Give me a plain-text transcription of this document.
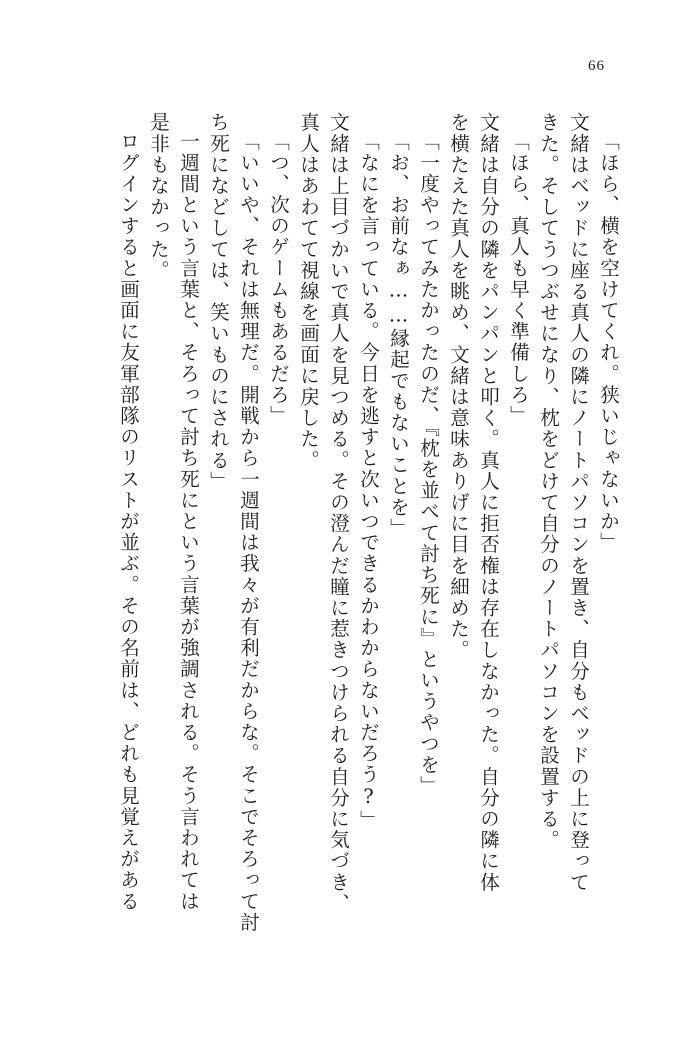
66
「ほら、横を空けてくれ。狭いじゃないか」
文緒はベッドに座る真人の隣にノートパソコンを置き、自分もベッドの上に登って
きた。そしてうつぶせになり、枕をどけて自分のノートパソコンを設置する。
「ほら、真人も早く準備しろ」
文緒は自分の隣をパンパンと叩く。真人に拒否権は存在しなかった。自分の隣に体
を横たえた真人を眺め、文緒は意味ありげに目を細めた。
「一度やってみたかったのだ、『枕を並べて討ち死に』というやつを」
「お、お前なぁ……縁起でもないことを」
「なにを言っている。今日を逃すと次いつできるかわからないだろう?」
文緒は上目づかいで真人を見つめる。その澄んだ瞳に惹きつけられる自分に気づき、
真人はあわてて視線を画面に戻した。
「つ、次のゲームもあるだろ」
「いいや、それは無理だ。開戦から一週間は我々が有利だからな。そこでそろって討
ち死になどしては、笑いものにされる」
一週間という言葉と、そろって討ち死にという言葉が強調される。そう言われては
是非もなかった。
ログインすると画面に友軍部隊のリストが並ぶ。その名前は、どれも見覚えがある
